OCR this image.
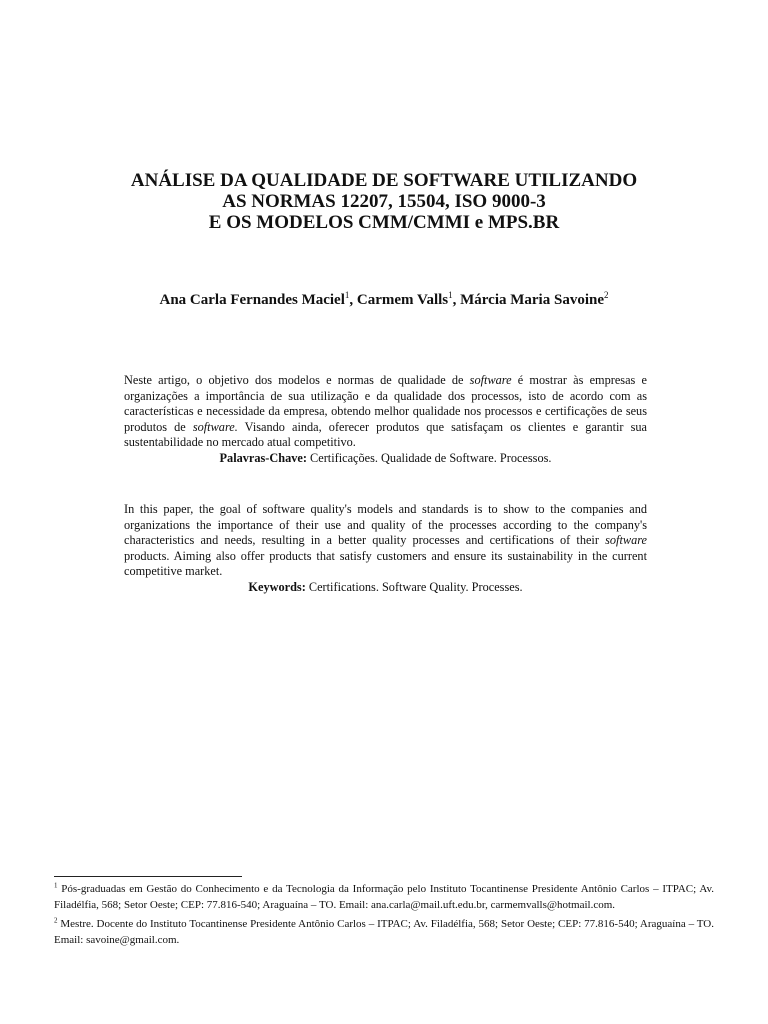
ANÁLISE DA QUALIDADE DE SOFTWARE UTILIZANDO
AS NORMAS 12207, 15504, ISO 9000-3
E OS MODELOS CMM/CMMI e MPS.BR
Ana Carla Fernandes Maciel$^1$, Carmem Valls$^1$, Márcia Maria Savoine$^2$

Neste artigo, o objetivo dos modelos e normas de qualidade de software é mostrar às empresas e organizações a importância de sua utilização e da qualidade dos processos, isto de acordo com as características e necessidade da empresa, obtendo melhor qualidade nos processos e certificações de seus produtos de software. Visando ainda, oferecer produtos que satisfaçam os clientes e garantir sua sustentabilidade no mercado atual competitivo.

Palavras-Chave: Certificações. Qualidade de Software. Processos.

In this paper, the goal of software quality's models and standards is to show to the companies and organizations the importance of their use and quality of the processes according to the company's characteristics and needs, resulting in a better quality processes and certifications of their software products. Aiming also offer products that satisfy customers and ensure its sustainability in the current competitive market.

Keywords: Certifications. Software Quality. Processes.

$^1$ Pós-graduadas em Gestão do Conhecimento e da Tecnologia da Informação pelo Instituto Tocantinense Presidente Antônio Carlos – ITPAC; Av. Filadélfia, 568; Setor Oeste; CEP: 77.816-540; Araguaína – TO. Email: ana.carla@mail.uft.edu.br, carmemvalls@hotmail.com.

$^2$ Mestre. Docente do Instituto Tocantinense Presidente Antônio Carlos – ITPAC; Av. Filadélfia, 568; Setor Oeste; CEP: 77.816-540; Araguaína – TO. Email: savoine@gmail.com.
